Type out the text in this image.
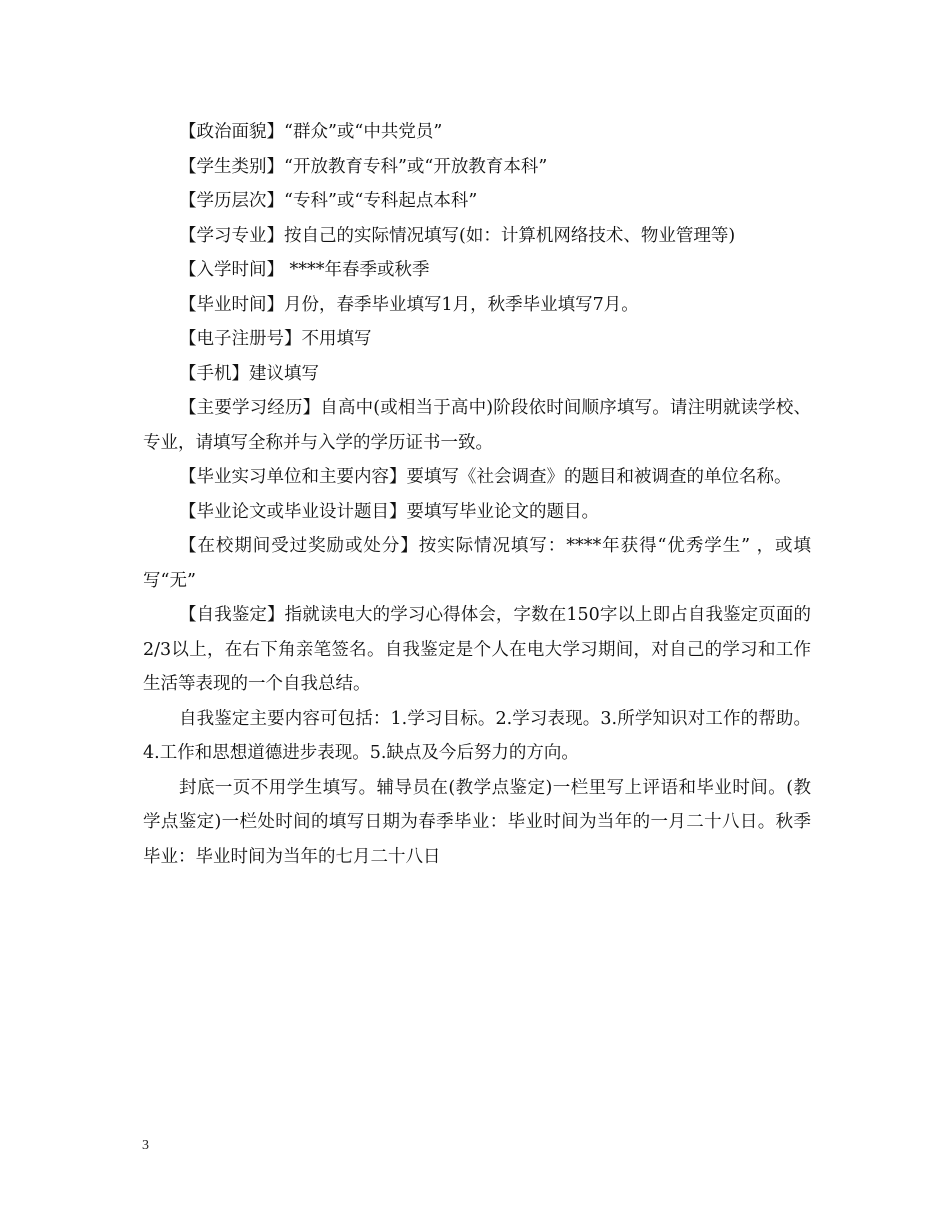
【政治面貌】“群众”或“中共党员”

【学生类别】“开放教育专科”或“开放教育本科”

【学历层次】“专科”或“专科起点本科”

【学习专业】按自己的实际情况填写(如：计算机网络技术、物业管理等)

【入学时间】 ****年春季或秋季

【毕业时间】月份，春季毕业填写1月，秋季毕业填写7月。

【电子注册号】不用填写

【手机】建议填写

【主要学习经历】自高中(或相当于高中)阶段依时间顺序填写。请注明就读学校、专业，请填写全称并与入学的学历证书一致。

【毕业实习单位和主要内容】要填写《社会调查》的题目和被调查的单位名称。

【毕业论文或毕业设计题目】要填写毕业论文的题目。

【在校期间受过奖励或处分】按实际情况填写：****年获得“优秀学生” ，或填写“无”

【自我鉴定】指就读电大的学习心得体会，字数在150字以上即占自我鉴定页面的2/3以上，在右下角亲笔签名。自我鉴定是个人在电大学习期间，对自己的学习和工作生活等表现的一个自我总结。

自我鉴定主要内容可包括：1.学习目标。2.学习表现。3.所学知识对工作的帮助。4.工作和思想道德进步表现。5.缺点及今后努力的方向。

封底一页不用学生填写。辅导员在(教学点鉴定)一栏里写上评语和毕业时间。(教学点鉴定)一栏处时间的填写日期为春季毕业：毕业时间为当年的一月二十八日。秋季毕业：毕业时间为当年的七月二十八日

3
